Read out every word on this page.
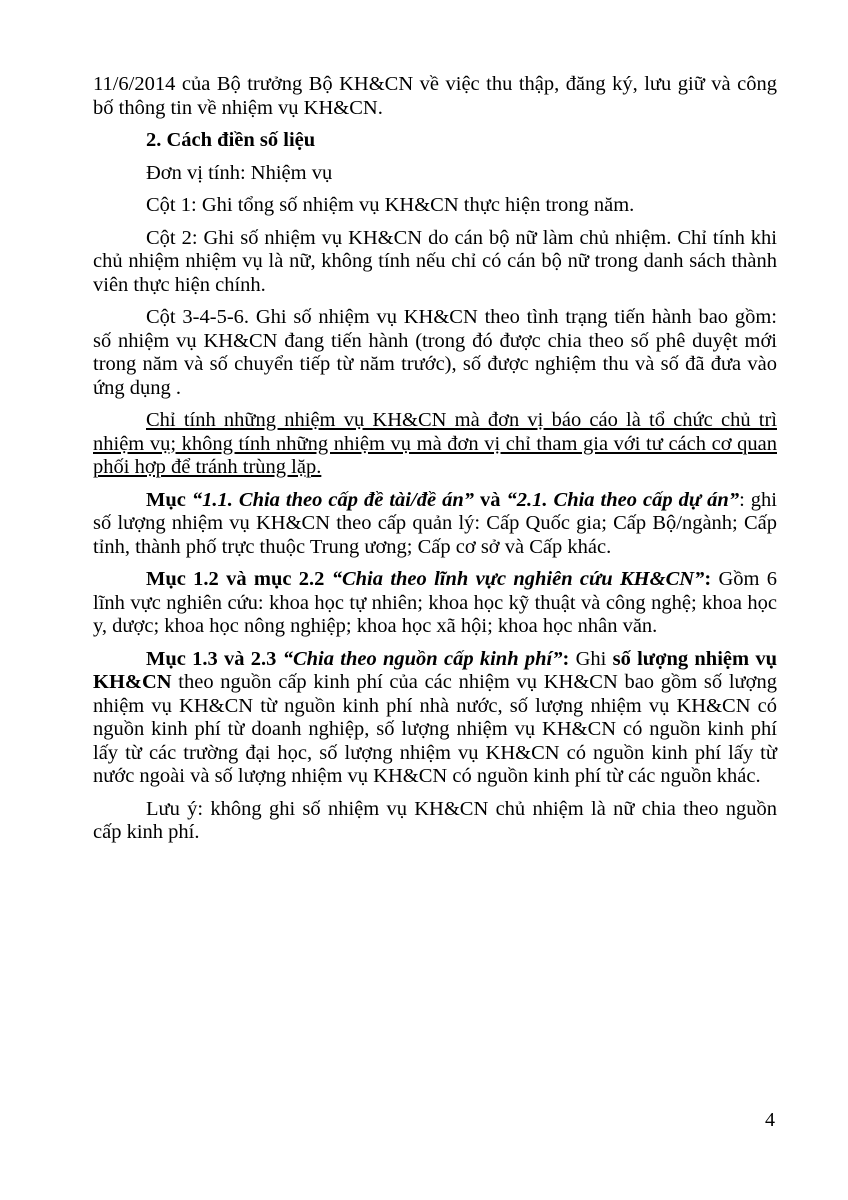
11/6/2014 của Bộ trưởng Bộ KH&CN về việc thu thập, đăng ký, lưu giữ và công bố thông tin về nhiệm vụ KH&CN.

2. Cách điền số liệu

Đơn vị tính: Nhiệm vụ

Cột 1: Ghi tổng số nhiệm vụ KH&CN thực hiện trong năm.

Cột 2: Ghi số nhiệm vụ KH&CN do cán bộ nữ làm chủ nhiệm. Chỉ tính khi chủ nhiệm nhiệm vụ là nữ, không tính nếu chỉ có cán bộ nữ trong danh sách thành viên thực hiện chính.

Cột 3-4-5-6. Ghi số nhiệm vụ KH&CN theo tình trạng tiến hành bao gồm: số nhiệm vụ KH&CN đang tiến hành (trong đó được chia theo số phê duyệt mới trong năm và số chuyển tiếp từ năm trước), số được nghiệm thu và số đã đưa vào ứng dụng .

Chỉ tính những nhiệm vụ KH&CN mà đơn vị báo cáo là tổ chức chủ trì nhiệm vụ; không tính những nhiệm vụ mà đơn vị chỉ tham gia với tư cách cơ quan phối hợp để tránh trùng lặp.

Mục “1.1. Chia theo cấp đề tài/đề án” và “2.1. Chia theo cấp dự án”: ghi số lượng nhiệm vụ KH&CN theo cấp quản lý: Cấp Quốc gia; Cấp Bộ/ngành; Cấp tỉnh, thành phố trực thuộc Trung ương; Cấp cơ sở và Cấp khác.

Mục 1.2 và mục 2.2 “Chia theo lĩnh vực nghiên cứu KH&CN”: Gồm 6 lĩnh vực nghiên cứu: khoa học tự nhiên; khoa học kỹ thuật và công nghệ; khoa học y, dược; khoa học nông nghiệp; khoa học xã hội; khoa học nhân văn.

Mục 1.3 và 2.3 “Chia theo nguồn cấp kinh phí”: Ghi số lượng nhiệm vụ KH&CN theo nguồn cấp kinh phí của các nhiệm vụ KH&CN bao gồm số lượng nhiệm vụ KH&CN từ nguồn kinh phí nhà nước, số lượng nhiệm vụ KH&CN có nguồn kinh phí từ doanh nghiệp, số lượng nhiệm vụ KH&CN có nguồn kinh phí lấy từ các trường đại học, số lượng nhiệm vụ KH&CN có nguồn kinh phí lấy từ nước ngoài và số lượng nhiệm vụ KH&CN có nguồn kinh phí từ các nguồn khác.

Lưu ý: không ghi số nhiệm vụ KH&CN chủ nhiệm là nữ chia theo nguồn cấp kinh phí.

4
